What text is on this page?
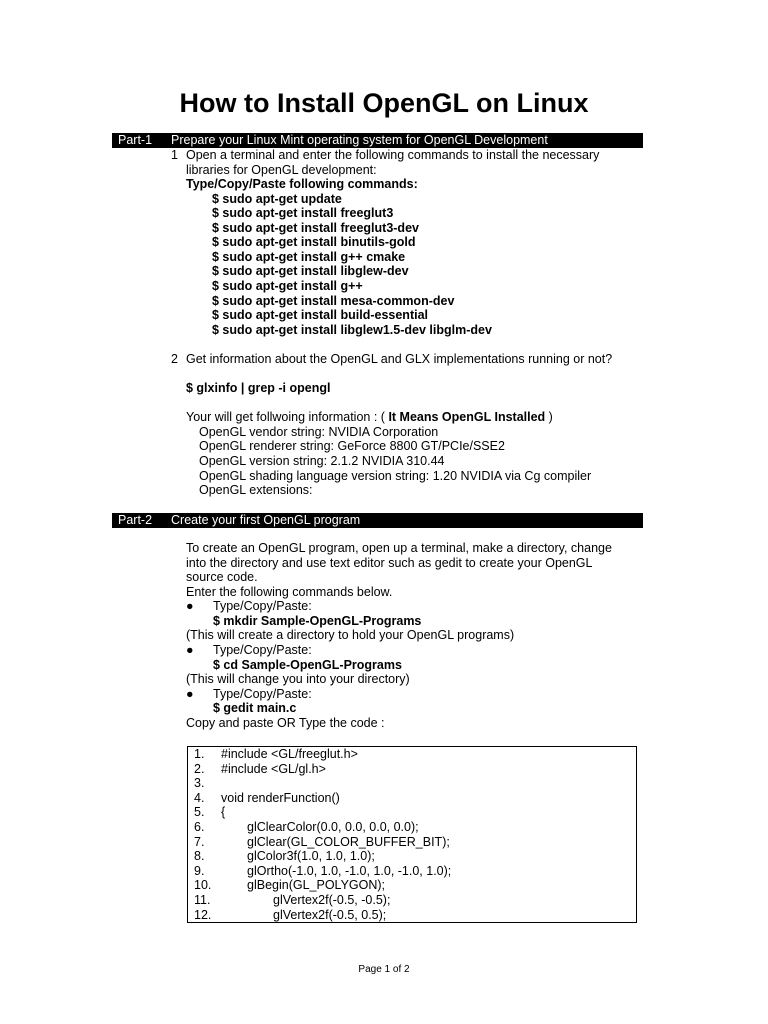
How to Install OpenGL on Linux
Part-1 Prepare your Linux Mint operating system for OpenGL Development
1 Open a terminal and enter the following commands to install the necessary
libraries for OpenGL development:
Type/Copy/Paste following commands:
$ sudo apt-get update
$ sudo apt-get install freeglut3
$ sudo apt-get install freeglut3-dev
$ sudo apt-get install binutils-gold
$ sudo apt-get install g++ cmake
$ sudo apt-get install libglew-dev
$ sudo apt-get install g++
$ sudo apt-get install mesa-common-dev
$ sudo apt-get install build-essential
$ sudo apt-get install libglew1.5-dev libglm-dev
2 Get information about the OpenGL and GLX implementations running or not?
$ glxinfo | grep -i opengl
Your will get follwoing information : ( It Means OpenGL Installed )
OpenGL vendor string: NVIDIA Corporation
OpenGL renderer string: GeForce 8800 GT/PCIe/SSE2
OpenGL version string: 2.1.2 NVIDIA 310.44
OpenGL shading language version string: 1.20 NVIDIA via Cg compiler
OpenGL extensions:
Part-2 Create your first OpenGL program
To create an OpenGL program, open up a terminal, make a directory, change
into the directory and use text editor such as gedit to create your OpenGL
source code.
Enter the following commands below.
● Type/Copy/Paste:
$ mkdir Sample-OpenGL-Programs
(This will create a directory to hold your OpenGL programs)
● Type/Copy/Paste:
$ cd Sample-OpenGL-Programs
(This will change you into your directory)
● Type/Copy/Paste:
$ gedit main.c
Copy and paste OR Type the code :
1. #include <GL/freeglut.h>
2. #include <GL/gl.h>
3.
4. void renderFunction()
5. {
6.	glClearColor(0.0, 0.0, 0.0, 0.0);
7.	glClear(GL_COLOR_BUFFER_BIT);
8.	glColor3f(1.0, 1.0, 1.0);
9.	glOrtho(-1.0, 1.0, -1.0, 1.0, -1.0, 1.0);
10.	glBegin(GL_POLYGON);
11.	glVertex2f(-0.5, -0.5);
12.	glVertex2f(-0.5, 0.5);
Page 1 of 2
